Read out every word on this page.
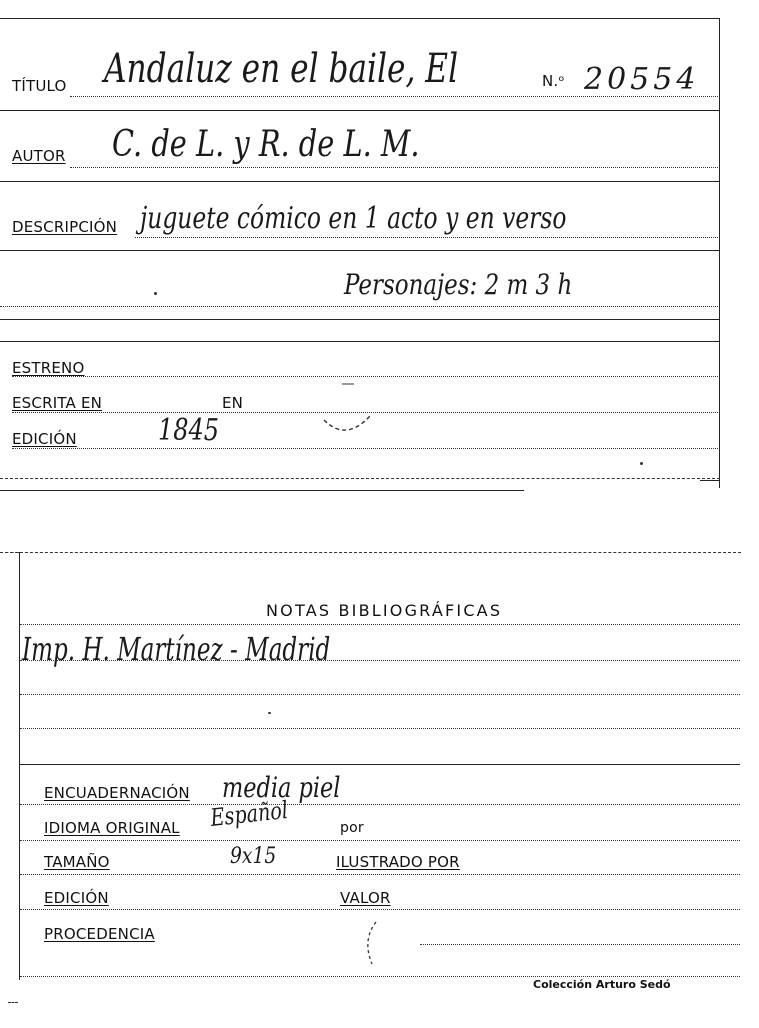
TÍTULO Andaluz en el baile, El	N.ᵒ 20554
AUTOR C. de L. y R. de L. M.
DESCRIPCIÓN juguete cómico en 1 acto y en verso
Personajes: 2 m 3 h
ESTRENO
ESCRITA EN	EN
EDICIÓN	1845
NOTAS BIBLIOGRÁFICAS
Imp. H. Martínez - Madrid
ENCUADERNACIÓN media piel
IDIOMA ORIGINAL Español	por
TAMAÑO	9x15	ILUSTRADO POR
EDICIÓN	VALOR
PROCEDENCIA
Colección Arturo Sedó
